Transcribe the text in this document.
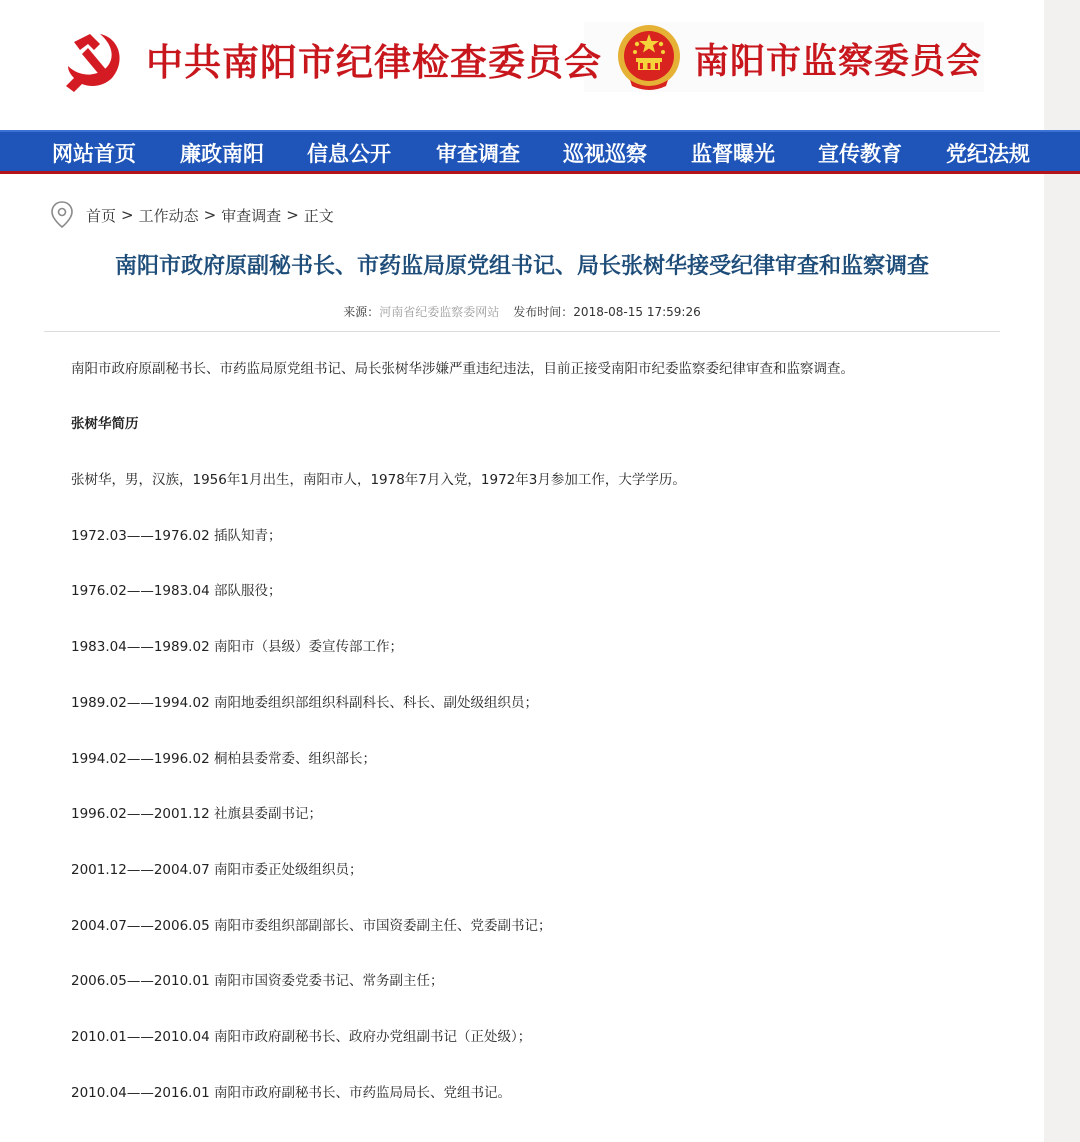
中共南阳市纪律检查委员会	南阳市监察委员会
网站首页 廉政南阳 信息公开 审查调查 巡视巡察 监督曝光 宣传教育 党纪法规
首页 > 工作动态 > 审查调查 > 正文
南阳市政府原副秘书长、市药监局原党组书记、局长张树华接受纪律审查和监察调查
来源：河南省纪委监察委网站 发布时间：2018-08-15 17:59:26
南阳市政府原副秘书长、市药监局原党组书记、局长张树华涉嫌严重违纪违法，目前正接受南阳市纪委监察委纪律审查和监察调查。
张树华简历
张树华，男，汉族，1956年1月出生，南阳市人，1978年7月入党，1972年3月参加工作，大学学历。
1972.03——1976.02 插队知青；
1976.02——1983.04 部队服役；
1983.04——1989.02 南阳市（县级）委宣传部工作；
1989.02——1994.02 南阳地委组织部组织科副科长、科长、副处级组织员；
1994.02——1996.02 桐柏县委常委、组织部长；
1996.02——2001.12 社旗县委副书记；
2001.12——2004.07 南阳市委正处级组织员；
2004.07——2006.05 南阳市委组织部副部长、市国资委副主任、党委副书记；
2006.05——2010.01 南阳市国资委党委书记、常务副主任；
2010.01——2010.04 南阳市政府副秘书长、政府办党组副书记（正处级）；
2010.04——2016.01 南阳市政府副秘书长、市药监局局长、党组书记。
